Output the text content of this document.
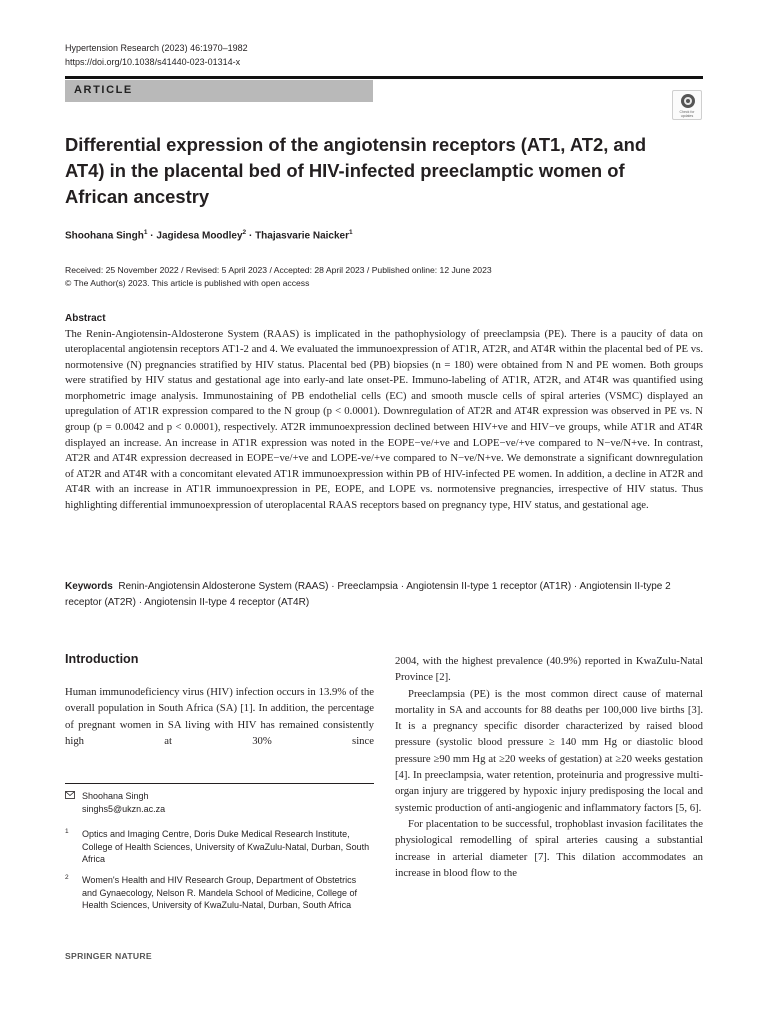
Hypertension Research (2023) 46:1970–1982
https://doi.org/10.1038/s41440-023-01314-x
ARTICLE
Check for updates
Differential expression of the angiotensin receptors (AT1, AT2, and AT4) in the placental bed of HIV-infected preeclamptic women of African ancestry
Shoohana Singh$^1$ · Jagidesa Moodley$^2$ · Thajasvarie Naicker$^1$
Received: 25 November 2022 / Revised: 5 April 2023 / Accepted: 28 April 2023 / Published online: 12 June 2023
© The Author(s) 2023. This article is published with open access
Abstract

The Renin-Angiotensin-Aldosterone System (RAAS) is implicated in the pathophysiology of preeclampsia (PE). There is a paucity of data on uteroplacental angiotensin receptors AT1-2 and 4. We evaluated the immunoexpression of AT1R, AT2R, and AT4R within the placental bed of PE vs. normotensive (N) pregnancies stratified by HIV status. Placental bed (PB) biopsies (n = 180) were obtained from N and PE women. Both groups were stratified by HIV status and gestational age into early-and late onset-PE. Immuno-labeling of AT1R, AT2R, and AT4R was quantified using morphometric image analysis. Immunostaining of PB endothelial cells (EC) and smooth muscle cells of spiral arteries (VSMC) displayed an upregulation of AT1R expression compared to the N group (p < 0.0001). Downregulation of AT2R and AT4R expression was observed in PE vs. N group (p = 0.0042 and p < 0.0001), respectively. AT2R immunoexpression declined between HIV+ve and HIV−ve groups, while AT1R and AT4R displayed an increase. An increase in AT1R expression was noted in the EOPE−ve/+ve and LOPE−ve/+ve compared to N−ve/N+ve. In contrast, AT2R and AT4R expression decreased in EOPE−ve/+ve and LOPE-ve/+ve compared to N−ve/N+ve. We demonstrate a significant downregulation of AT2R and AT4R with a concomitant elevated AT1R immunoexpression within PB of HIV-infected PE women. In addition, a decline in AT2R and AT4R with an increase in AT1R immunoexpression in PE, EOPE, and LOPE vs. normotensive pregnancies, irrespective of HIV status. Thus highlighting differential immunoexpression of uteroplacental RAAS receptors based on pregnancy type, HIV status, and gestational age.

Keywords Renin-Angiotensin Aldosterone System (RAAS) · Preeclampsia · Angiotensin II-type 1 receptor (AT1R) · Angiotensin II-type 2 receptor (AT2R) · Angiotensin II-type 4 receptor (AT4R)

Introduction

Human immunodeficiency virus (HIV) infection occurs in 13.9% of the overall population in South Africa (SA) [1]. In addition, the percentage of pregnant women in SA living with HIV has remained consistently high at 30% since

Shoohana Singh
singhs5@ukzn.ac.za
1 Optics and Imaging Centre, Doris Duke Medical Research Institute, College of Health Sciences, University of KwaZulu-Natal, Durban, South Africa
2 Women's Health and HIV Research Group, Department of Obstetrics and Gynaecology, Nelson R. Mandela School of Medicine, College of Health Sciences, University of KwaZulu-Natal, Durban, South Africa
SPRINGER NATURE

2004, with the highest prevalence (40.9%) reported in KwaZulu-Natal Province [2].

Preeclampsia (PE) is the most common direct cause of maternal mortality in SA and accounts for 88 deaths per 100,000 live births [3]. It is a pregnancy specific disorder characterized by raised blood pressure (systolic blood pressure ≥ 140 mm Hg or diastolic blood pressure ≥90 mm Hg at ≥20 weeks of gestation) at ≥20 weeks gestation [4]. In preeclampsia, water retention, proteinuria and progressive multi-organ injury are triggered by hypoxic injury predisposing the local and systemic production of anti-angiogenic and inflammatory factors [5, 6].

For placentation to be successful, trophoblast invasion facilitates the physiological remodelling of spiral arteries causing a substantial increase in arterial diameter [7]. This dilation accommodates an increase in blood flow to the
